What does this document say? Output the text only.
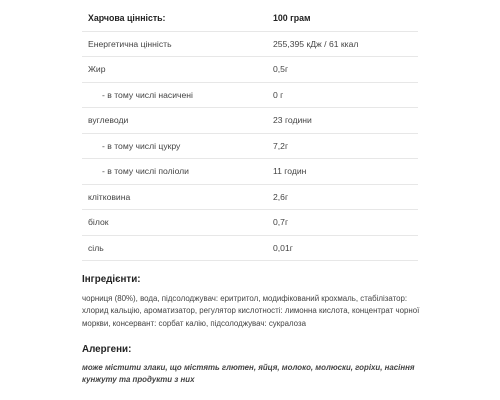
Харчова цінність:	100 грам
Енергетична цінність	255,395 кДж / 61 ккал
Жир	0,5г
- в тому числі насичені	0 г
вуглеводи	23 години
- в тому числі цукру	7,2г
- в тому числі поліоли	11 годин
клітковина	2,6г
білок	0,7г
сіль	0,01г

Інгредієнти:

чорниця (80%), вода, підсолоджувач: еритритол, модифікований крохмаль, стабілізатор: хлорид кальцію, ароматизатор, регулятор кислотності: лимонна кислота, концентрат чорної моркви, консервант: сорбат калію, підсолоджувач: сукралоза

Алергени:

може містити злаки, що містять глютен, яйця, молоко, молюски, горіхи, насіння кунжуту та продукти з них
